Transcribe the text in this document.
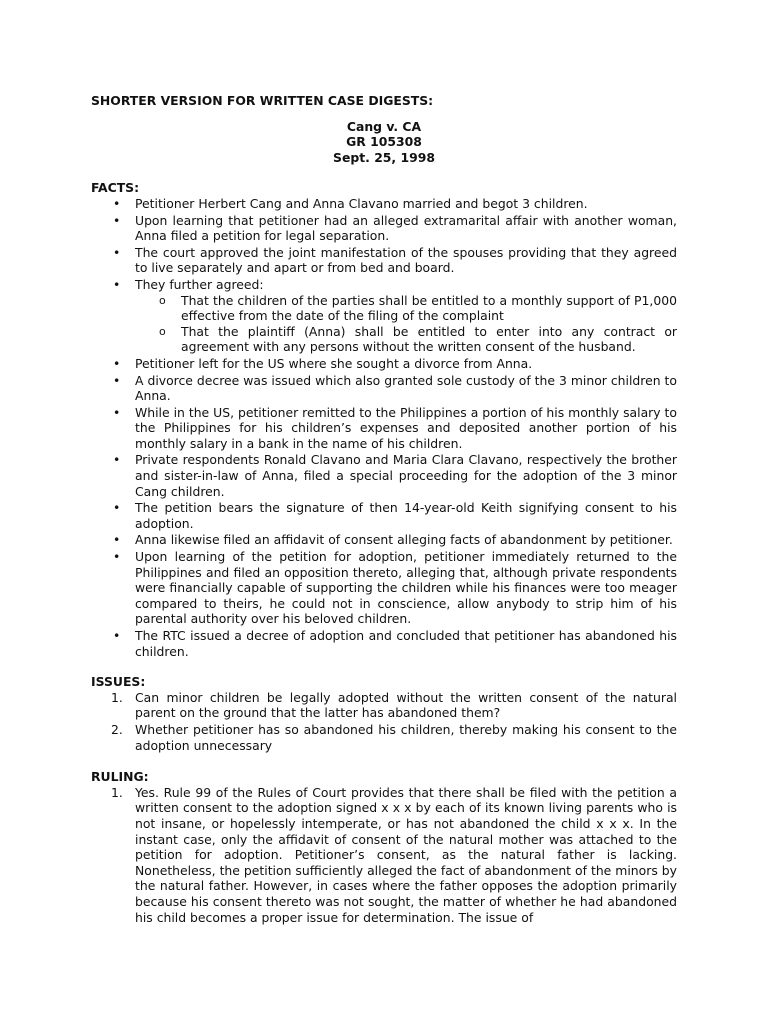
SHORTER VERSION FOR WRITTEN CASE DIGESTS:
Cang v. CA
GR 105308
Sept. 25, 1998
FACTS:
• Petitioner Herbert Cang and Anna Clavano married and begot 3 children.
• Upon learning that petitioner had an alleged extramarital affair with another woman, Anna filed a petition for legal separation.
• The court approved the joint manifestation of the spouses providing that they agreed to live separately and apart or from bed and board.
• They further agreed:
o That the children of the parties shall be entitled to a monthly support of P1,000 effective from the date of the filing of the complaint
o That the plaintiff (Anna) shall be entitled to enter into any contract or agreement with any persons without the written consent of the husband.
• Petitioner left for the US where she sought a divorce from Anna.
• A divorce decree was issued which also granted sole custody of the 3 minor children to Anna.
• While in the US, petitioner remitted to the Philippines a portion of his monthly salary to the Philippines for his children’s expenses and deposited another portion of his monthly salary in a bank in the name of his children.
• Private respondents Ronald Clavano and Maria Clara Clavano, respectively the brother and sister-in-law of Anna, filed a special proceeding for the adoption of the 3 minor Cang children.
• The petition bears the signature of then 14-year-old Keith signifying consent to his adoption.
• Anna likewise filed an affidavit of consent alleging facts of abandonment by petitioner.
• Upon learning of the petition for adoption, petitioner immediately returned to the Philippines and filed an opposition thereto, alleging that, although private respondents were financially capable of supporting the children while his finances were too meager compared to theirs, he could not in conscience, allow anybody to strip him of his parental authority over his beloved children.
• The RTC issued a decree of adoption and concluded that petitioner has abandoned his children.
ISSUES:
1. Can minor children be legally adopted without the written consent of the natural parent on the ground that the latter has abandoned them?
2. Whether petitioner has so abandoned his children, thereby making his consent to the adoption unnecessary
RULING:
1. Yes. Rule 99 of the Rules of Court provides that there shall be filed with the petition a written consent to the adoption signed x x x by each of its known living parents who is not insane, or hopelessly intemperate, or has not abandoned the child x x x. In the instant case, only the affidavit of consent of the natural mother was attached to the petition for adoption. Petitioner’s consent, as the natural father is lacking. Nonetheless, the petition sufficiently alleged the fact of abandonment of the minors by the natural father. However, in cases where the father opposes the adoption primarily because his consent thereto was not sought, the matter of whether he had abandoned his child becomes a proper issue for determination. The issue of
